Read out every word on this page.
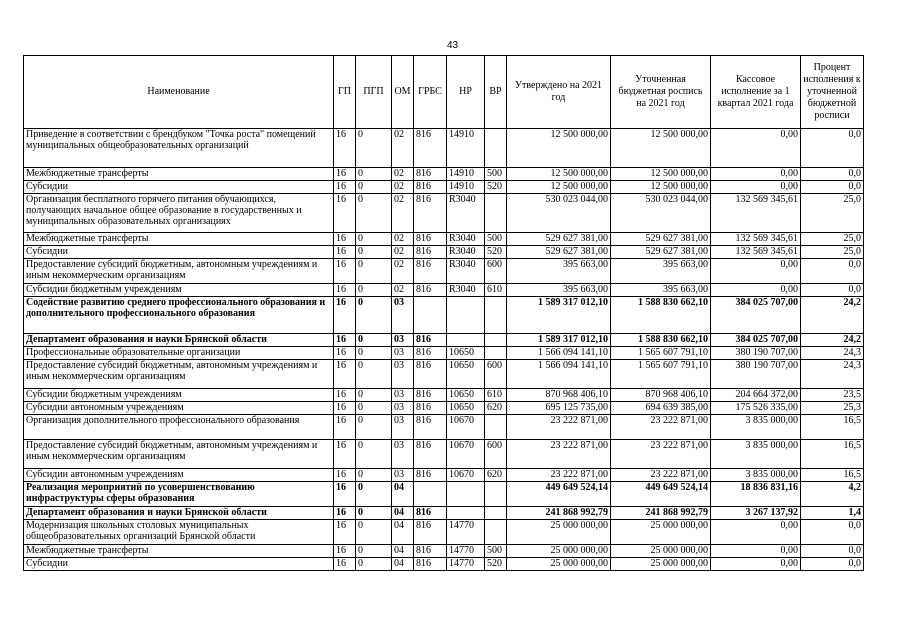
43
Наименование	ГП	ПГП	ОМ	ГРБС	НР	ВР	Утверждено на 2021 год	Уточненная бюджетная роспись на 2021 год	Кассовое исполнение за 1 квартал 2021 года	Процент исполнения к уточненной бюджетной росписи
Приведение в соответствии с брендбуком "Точка роста" помещений муниципальных общеобразовательных организаций	16	0	02	816	14910		12 500 000,00	12 500 000,00	0,00	0,0
Межбюджетные трансферты	16	0	02	816	14910	500	12 500 000,00	12 500 000,00	0,00	0,0
Субсидии	16	0	02	816	14910	520	12 500 000,00	12 500 000,00	0,00	0,0
Организация бесплатного горячего питания обучающихся, получающих начальное общее образование в государственных и муниципальных образовательных организациях	16	0	02	816	R3040		530 023 044,00	530 023 044,00	132 569 345,61	25,0
Межбюджетные трансферты	16	0	02	816	R3040	500	529 627 381,00	529 627 381,00	132 569 345,61	25,0
Субсидии	16	0	02	816	R3040	520	529 627 381,00	529 627 381,00	132 569 345,61	25,0
Предоставление субсидий бюджетным, автономным учреждениям и иным некоммерческим организациям	16	0	02	816	R3040	600	395 663,00	395 663,00	0,00	0,0
Субсидии бюджетным учреждениям	16	0	02	816	R3040	610	395 663,00	395 663,00	0,00	0,0
Содействие развитию среднего профессионального образования и дополнительного профессионального образования	16	0	03				1 589 317 012,10	1 588 830 662,10	384 025 707,00	24,2
Департамент образования и науки Брянской области	16	0	03	816			1 589 317 012,10	1 588 830 662,10	384 025 707,00	24,2
Профессиональные образовательные организации	16	0	03	816	10650		1 566 094 141,10	1 565 607 791,10	380 190 707,00	24,3
Предоставление субсидий бюджетным, автономным учреждениям и иным некоммерческим организациям	16	0	03	816	10650	600	1 566 094 141,10	1 565 607 791,10	380 190 707,00	24,3
Субсидии бюджетным учреждениям	16	0	03	816	10650	610	870 968 406,10	870 968 406,10	204 664 372,00	23,5
Субсидии автономным учреждениям	16	0	03	816	10650	620	695 125 735,00	694 639 385,00	175 526 335,00	25,3
Организация дополнительного профессионального образования	16	0	03	816	10670		23 222 871,00	23 222 871,00	3 835 000,00	16,5
Предоставление субсидий бюджетным, автономным учреждениям и иным некоммерческим организациям	16	0	03	816	10670	600	23 222 871,00	23 222 871,00	3 835 000,00	16,5
Субсидии автономным учреждениям	16	0	03	816	10670	620	23 222 871,00	23 222 871,00	3 835 000,00	16,5
Реализация мероприятий по усовершенствованию инфраструктуры сферы образования	16	0	04				449 649 524,14	449 649 524,14	18 836 831,16	4,2
Департамент образования и науки Брянской области	16	0	04	816			241 868 992,79	241 868 992,79	3 267 137,92	1,4
Модернизация школьных столовых муниципальных общеобразовательных организаций Брянской области	16	0	04	816	14770		25 000 000,00	25 000 000,00	0,00	0,0
Межбюджетные трансферты	16	0	04	816	14770	500	25 000 000,00	25 000 000,00	0,00	0,0
Субсидии	16	0	04	816	14770	520	25 000 000,00	25 000 000,00	0,00	0,0
